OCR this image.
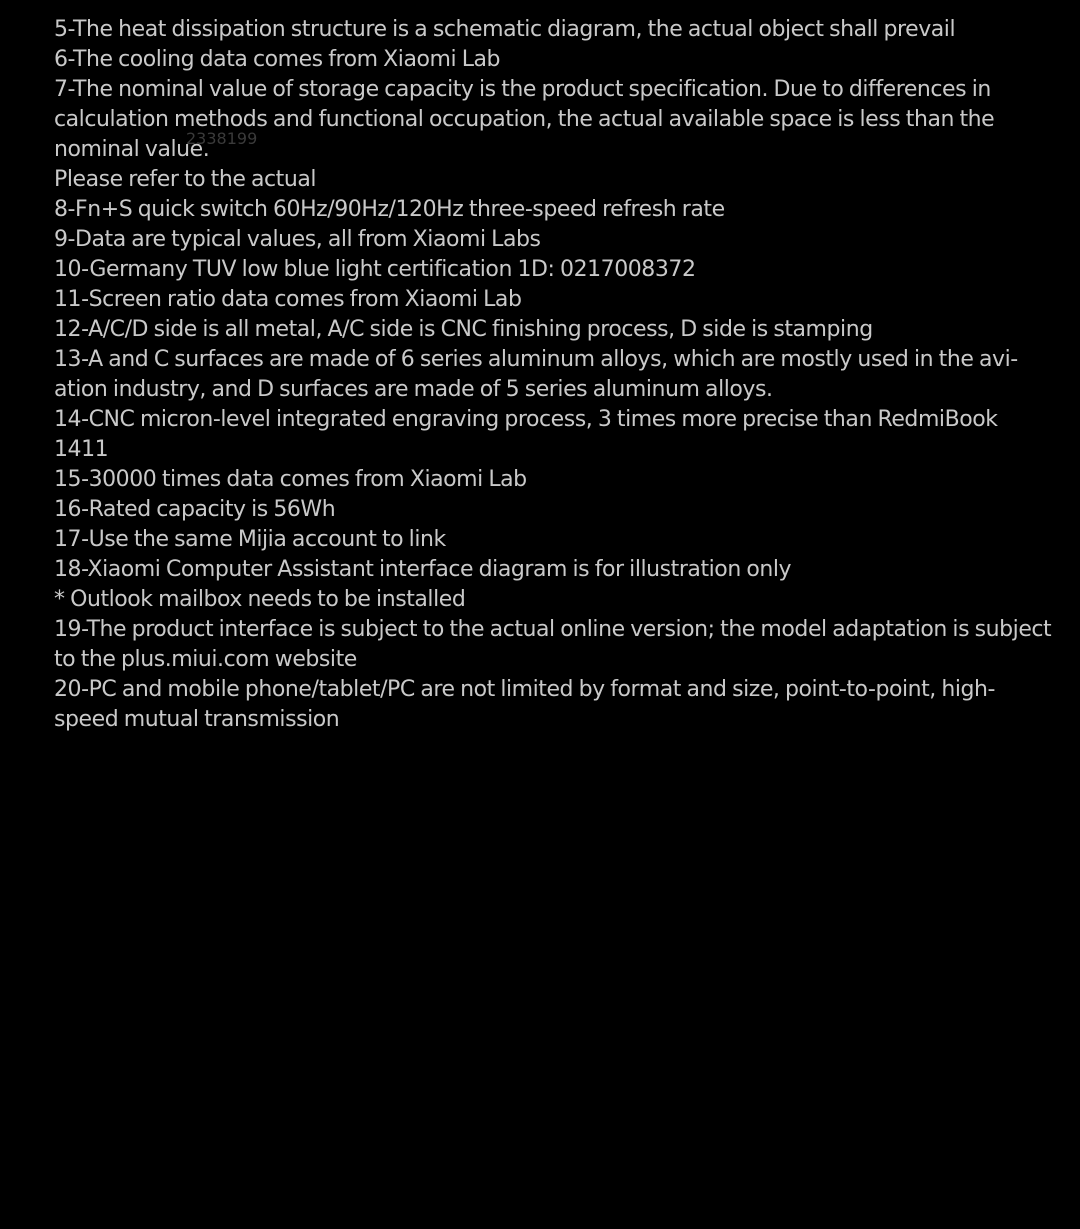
5-The heat dissipation structure is a schematic diagram, the actual object shall prevail
6-The cooling data comes from Xiaomi Lab
7-The nominal value of storage capacity is the product specification. Due to differences in calculation methods and functional occupation, the actual available space is less than the nominal value.
Please refer to the actual
8-Fn+S quick switch 60Hz/90Hz/120Hz three-speed refresh rate
9-Data are typical values, all from Xiaomi Labs
10-Germany TUV low blue light certification 1D: 0217008372
11-Screen ratio data comes from Xiaomi Lab
12-A/C/D side is all metal, A/C side is CNC finishing process, D side is stamping
13-A and C surfaces are made of 6 series aluminum alloys, which are mostly used in the avi-ation industry, and D surfaces are made of 5 series aluminum alloys.
14-CNC micron-level integrated engraving process, 3 times more precise than RedmiBook 1411
15-30000 times data comes from Xiaomi Lab
16-Rated capacity is 56Wh
17-Use the same Mijia account to link
18-Xiaomi Computer Assistant interface diagram is for illustration only
* Outlook mailbox needs to be installed
19-The product interface is subject to the actual online version; the model adaptation is subject to the plus.miui.com website
20-PC and mobile phone/tablet/PC are not limited by format and size, point-to-point, high-speed mutual transmission
2338199
